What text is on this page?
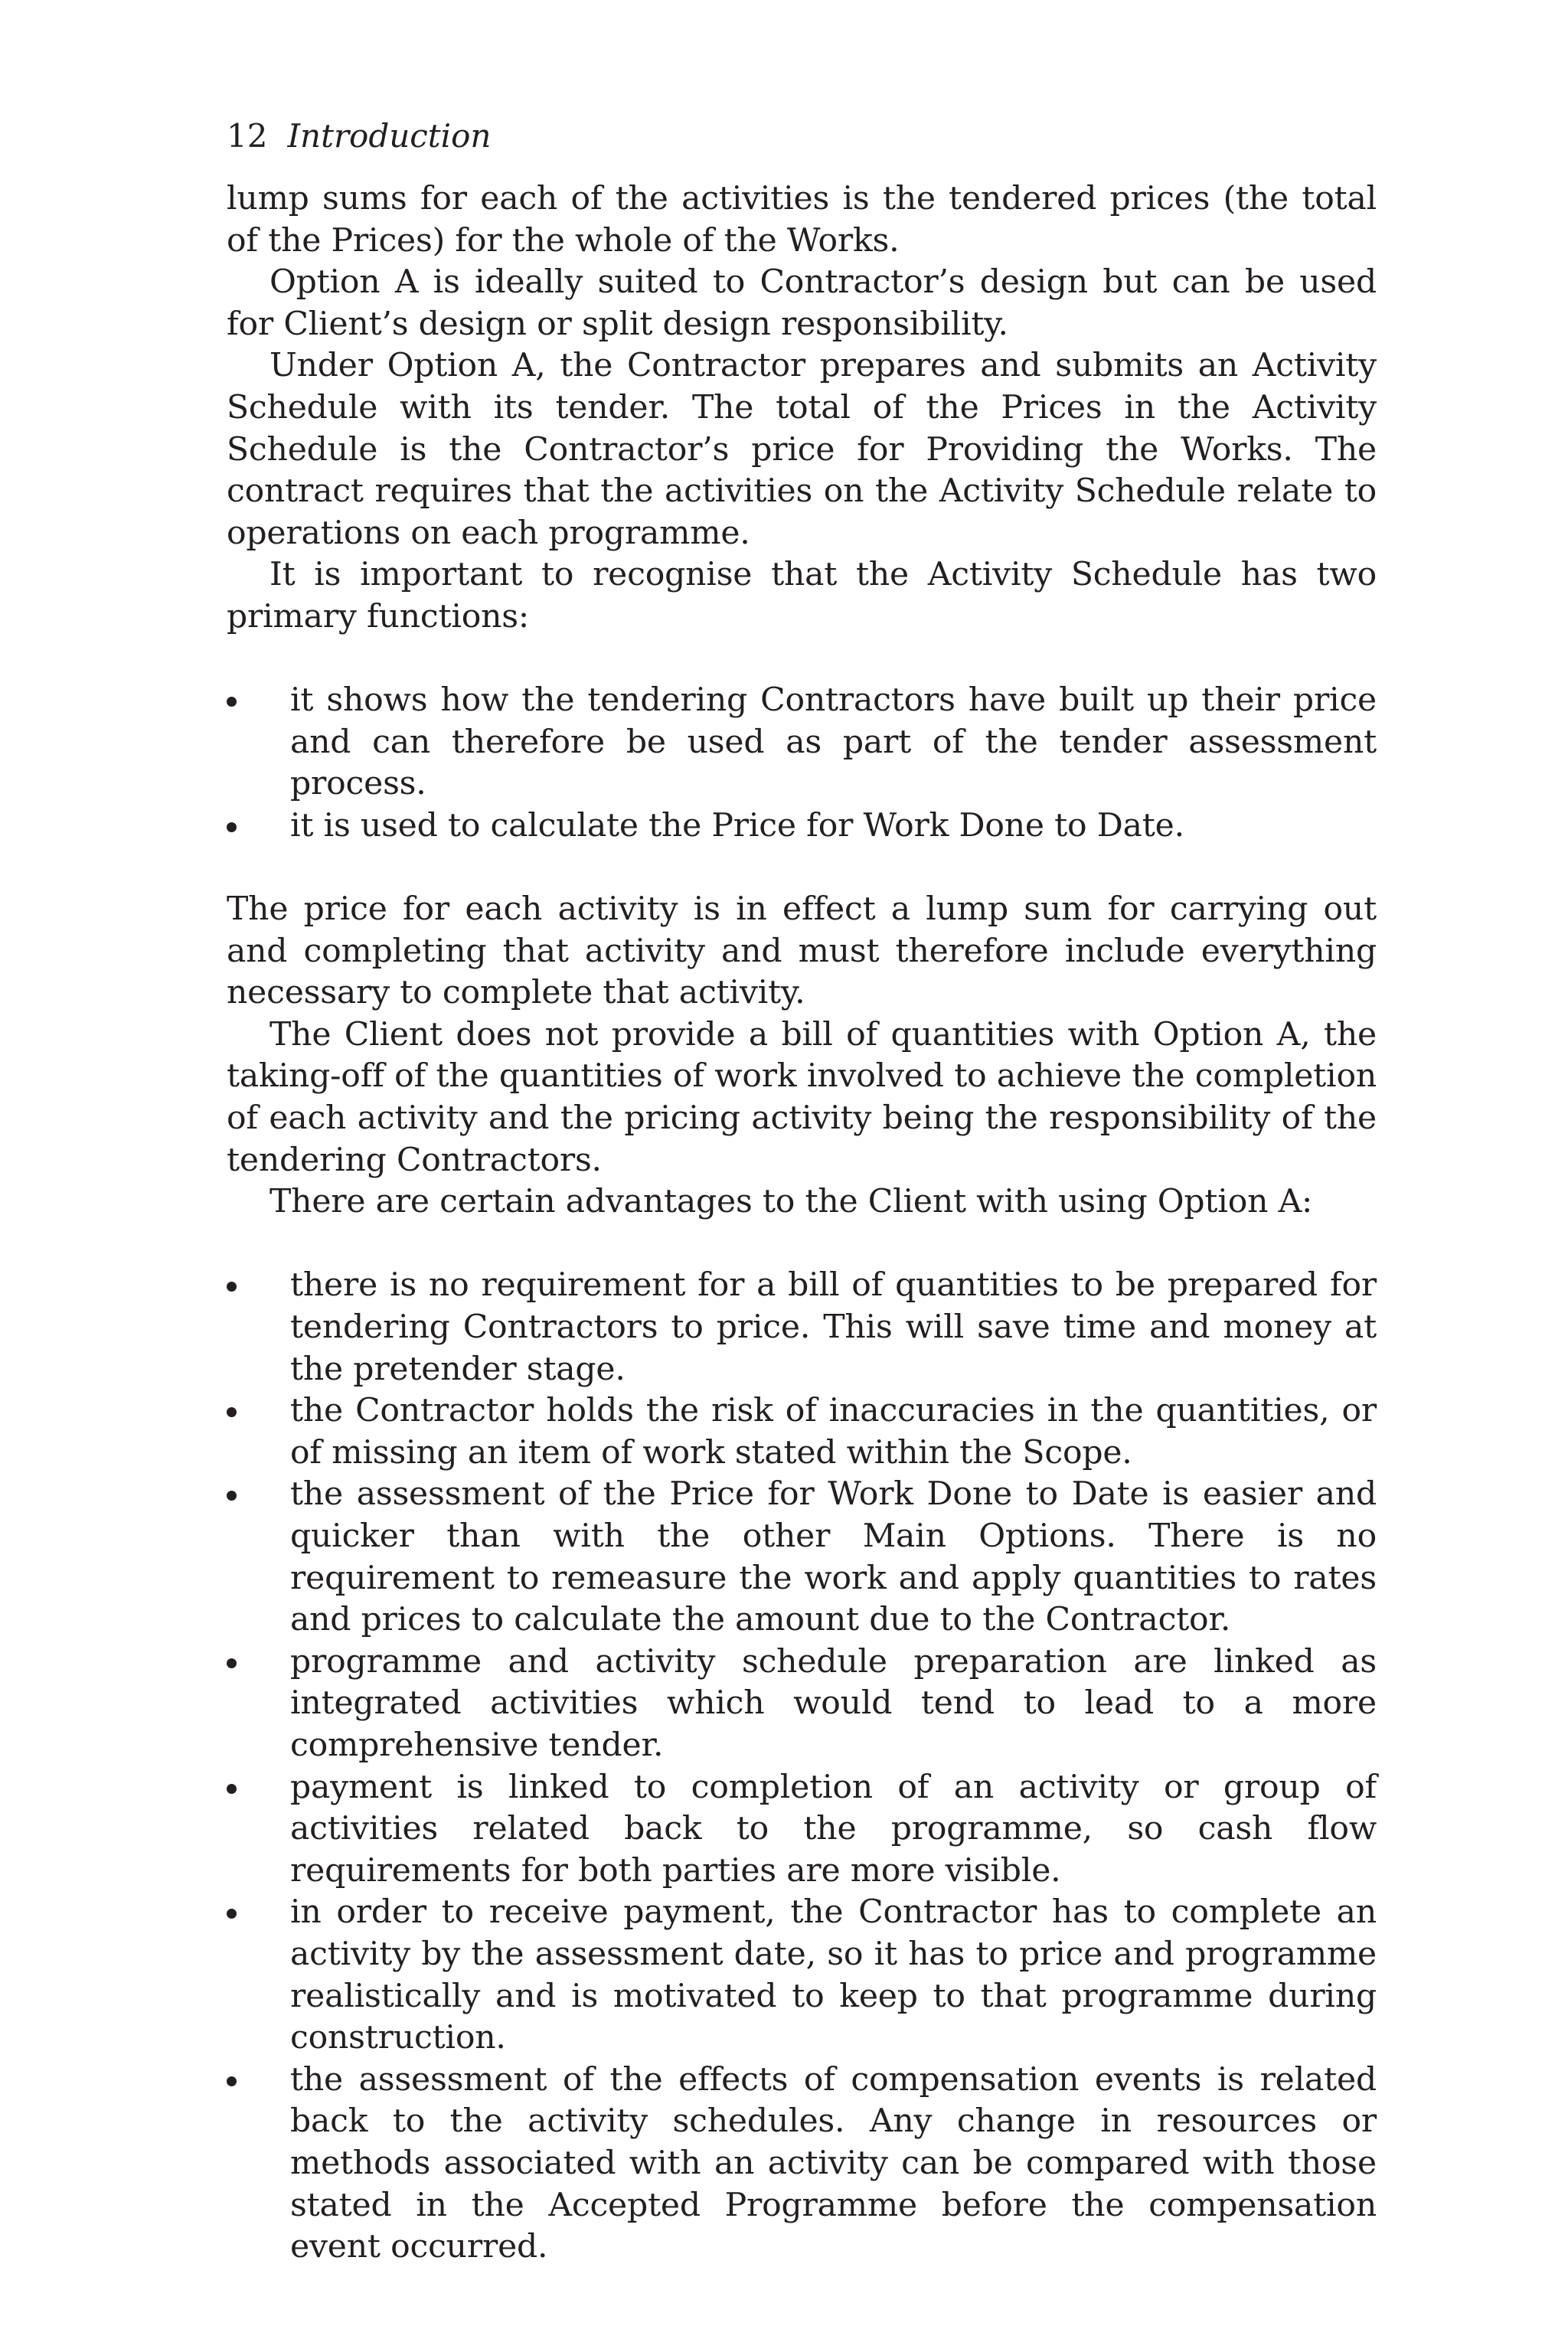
12 Introduction

lump sums for each of the activities is the tendered prices (the total of the Prices) for the whole of the Works.

Option A is ideally suited to Contractor’s design but can be used for Client’s design or split design responsibility.

Under Option A, the Contractor prepares and submits an Activity Schedule with its tender. The total of the Prices in the Activity Schedule is the Contractor’s price for Providing the Works. The contract requires that the activities on the Activity Schedule relate to operations on each programme.

It is important to recognise that the Activity Schedule has two primary functions:

it shows how the tendering Contractors have built up their price and can therefore be used as part of the tender assessment process.
it is used to calculate the Price for Work Done to Date.

The price for each activity is in effect a lump sum for carrying out and completing that activity and must therefore include everything necessary to complete that activity.

The Client does not provide a bill of quantities with Option A, the taking-off of the quantities of work involved to achieve the completion of each activity and the pricing activity being the responsibility of the tendering Contractors.

There are certain advantages to the Client with using Option A:

there is no requirement for a bill of quantities to be prepared for tendering Contractors to price. This will save time and money at the pretender stage.
the Contractor holds the risk of inaccuracies in the quantities, or of missing an item of work stated within the Scope.
the assessment of the Price for Work Done to Date is easier and quicker than with the other Main Options. There is no requirement to remeasure the work and apply quantities to rates and prices to calculate the amount due to the Contractor.
programme and activity schedule preparation are linked as integrated activities which would tend to lead to a more comprehensive tender.
payment is linked to completion of an activity or group of activities related back to the programme, so cash flow requirements for both parties are more visible.
in order to receive payment, the Contractor has to complete an activity by the assessment date, so it has to price and programme realistically and is motivated to keep to that programme during construction.
the assessment of the effects of compensation events is related back to the activity schedules. Any change in resources or methods associated with an activity can be compared with those stated in the Accepted Programme before the compensation event occurred.
